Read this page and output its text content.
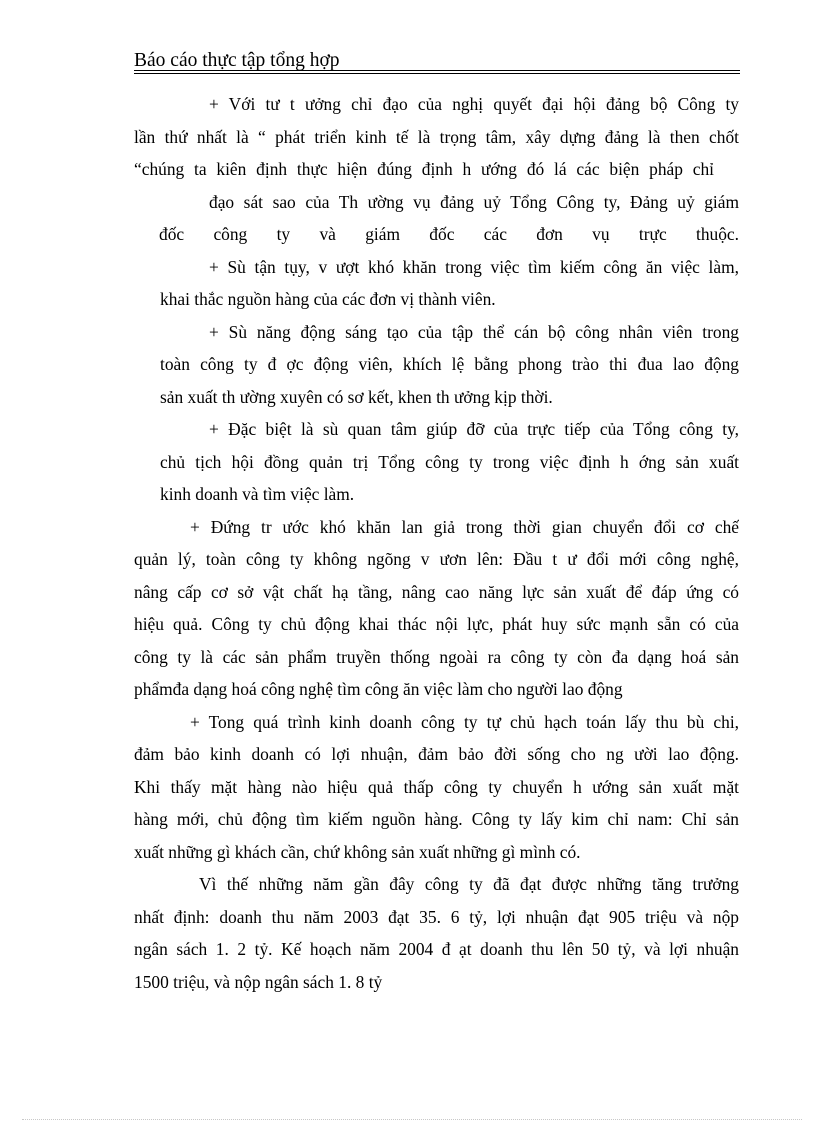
Báo cáo thực tập tổng hợp
+ Với tư t ưởng chỉ đạo của nghị quyết đại hội đảng bộ Công ty
lần thứ nhất là “ phát triển kinh tế là trọng tâm, xây dựng đảng là then chốt
“chúng ta kiên định thực hiện đúng định h ướng đó lá các biện pháp chỉ
đạo sát sao của Th ường vụ đảng uỷ Tổng Công ty, Đảng uỷ giám
đốc công ty và giám đốc các đơn vụ trực thuộc.
+ Sù tận tụy, v ượt khó khăn trong việc tìm kiếm công ăn việc làm,
khai thắc nguồn hàng của các đơn vị thành viên.
+ Sù năng động sáng tạo của tập thể cán bộ công nhân viên trong
toàn công ty đ ợc động viên, khích lệ bằng phong trào thi đua lao động
sản xuất th ường xuyên có sơ kết, khen th ưởng kịp thời.
+ Đặc biệt là sù quan tâm giúp đỡ của trực tiếp của Tổng công ty,
chủ tịch hội đồng quản trị Tổng công ty trong việc định h ớng sản xuất
kinh doanh và tìm việc làm.
+ Đứng tr ước khó khăn lan giả trong thời gian chuyển đổi cơ chế
quản lý, toàn công ty không ngõng v ươn lên: Đầu t ư đổi mới công nghệ,
nâng cấp cơ sở vật chất hạ tầng, nâng cao năng lực sản xuất để đáp ứng có
hiệu quả. Công ty chủ động khai thác nội lực, phát huy sức mạnh sẵn có của
công ty là các sản phẩm truyền thống ngoài ra công ty còn đa dạng hoá sản
phẩmđa dạng hoá công nghệ tìm công ăn việc làm cho người lao động
+ Tong quá trình kinh doanh công ty tự chủ hạch toán lấy thu bù chi,
đảm bảo kinh doanh có lợi nhuận, đảm bảo đời sống cho ng ười lao động.
Khi thấy mặt hàng nào hiệu quả thấp công ty chuyển h ướng sản xuất mặt
hàng mới, chủ động tìm kiếm nguồn hàng. Công ty lấy kim chỉ nam: Chỉ sản
xuất những gì khách cần, chứ không sản xuất những gì mình có.
Vì thế những năm gần đây công ty đã đạt được những tăng trưởng
nhất định: doanh thu năm 2003 đạt 35. 6 tỷ, lợi nhuận đạt 905 triệu và nộp
ngân sách 1. 2 tỷ. Kế hoạch năm 2004 đ ạt doanh thu lên 50 tỷ, và lợi nhuận
1500 triệu, và nộp ngân sách 1. 8 tỷ
